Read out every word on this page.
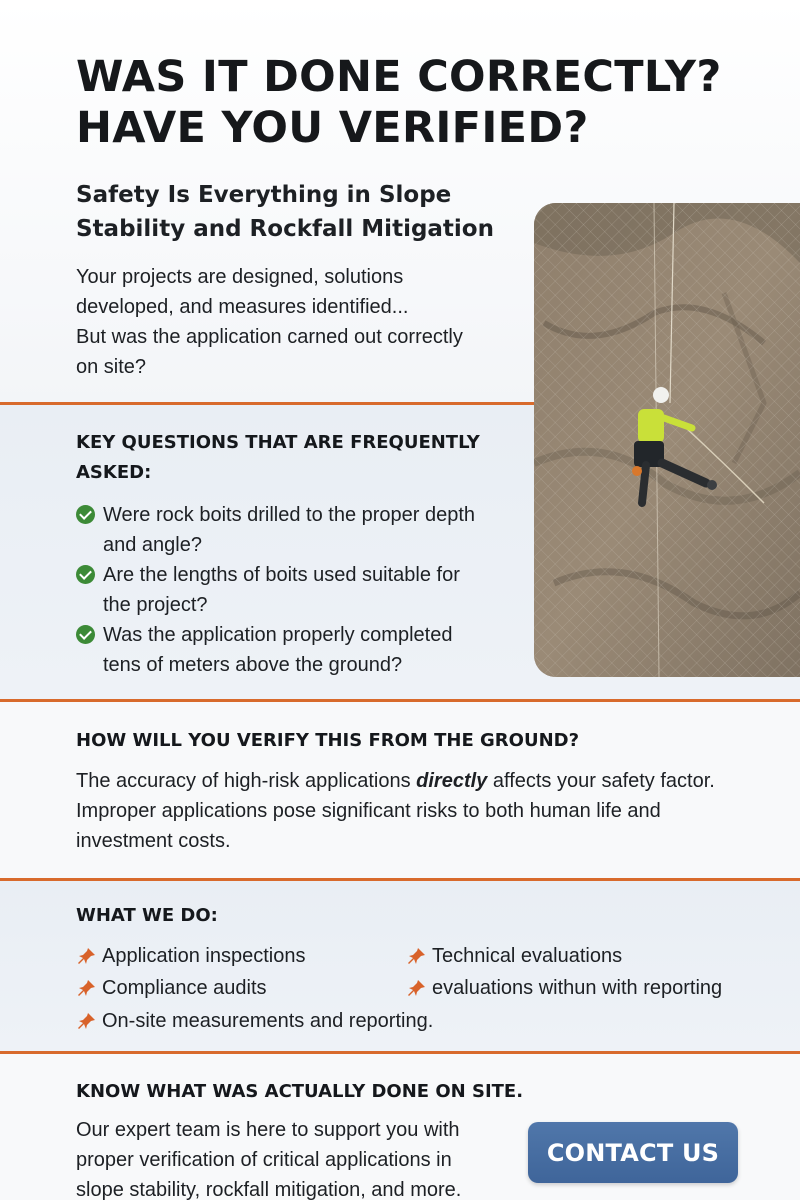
WAS IT DONE CORRECTLY?
HAVE YOU VERIFIED?
Safety Is Everything in Slope Stability and Rockfall Mitigation

Your projects are designed, solutions

developed, and measures identified...

But was the application carned out correctly

on site?

KEY QUESTIONS THAT ARE FREQUENTLY
ASKED:
Were rock boits drilled to the proper depth
and angle?
Are the lengths of boits used suitable for
the project?
Was the application properly completed
tens of meters above the ground?
HOW WILL YOU VERIFY THIS FROM THE GROUND?

The accuracy of high-risk applications directly affects your safety factor.

Improper applications pose significant risks to both human life and

investment costs.

WHAT WE DO:
Application inspections	Technical evaluations
Compliance audits	evaluations withun with reporting
On-site measurements and reporting.
KNOW WHAT WAS ACTUALLY DONE ON SITE.

Our expert team is here to support you with

proper verification of critical applications in

slope stability, rockfall mitigation, and more.

CONTACT US
